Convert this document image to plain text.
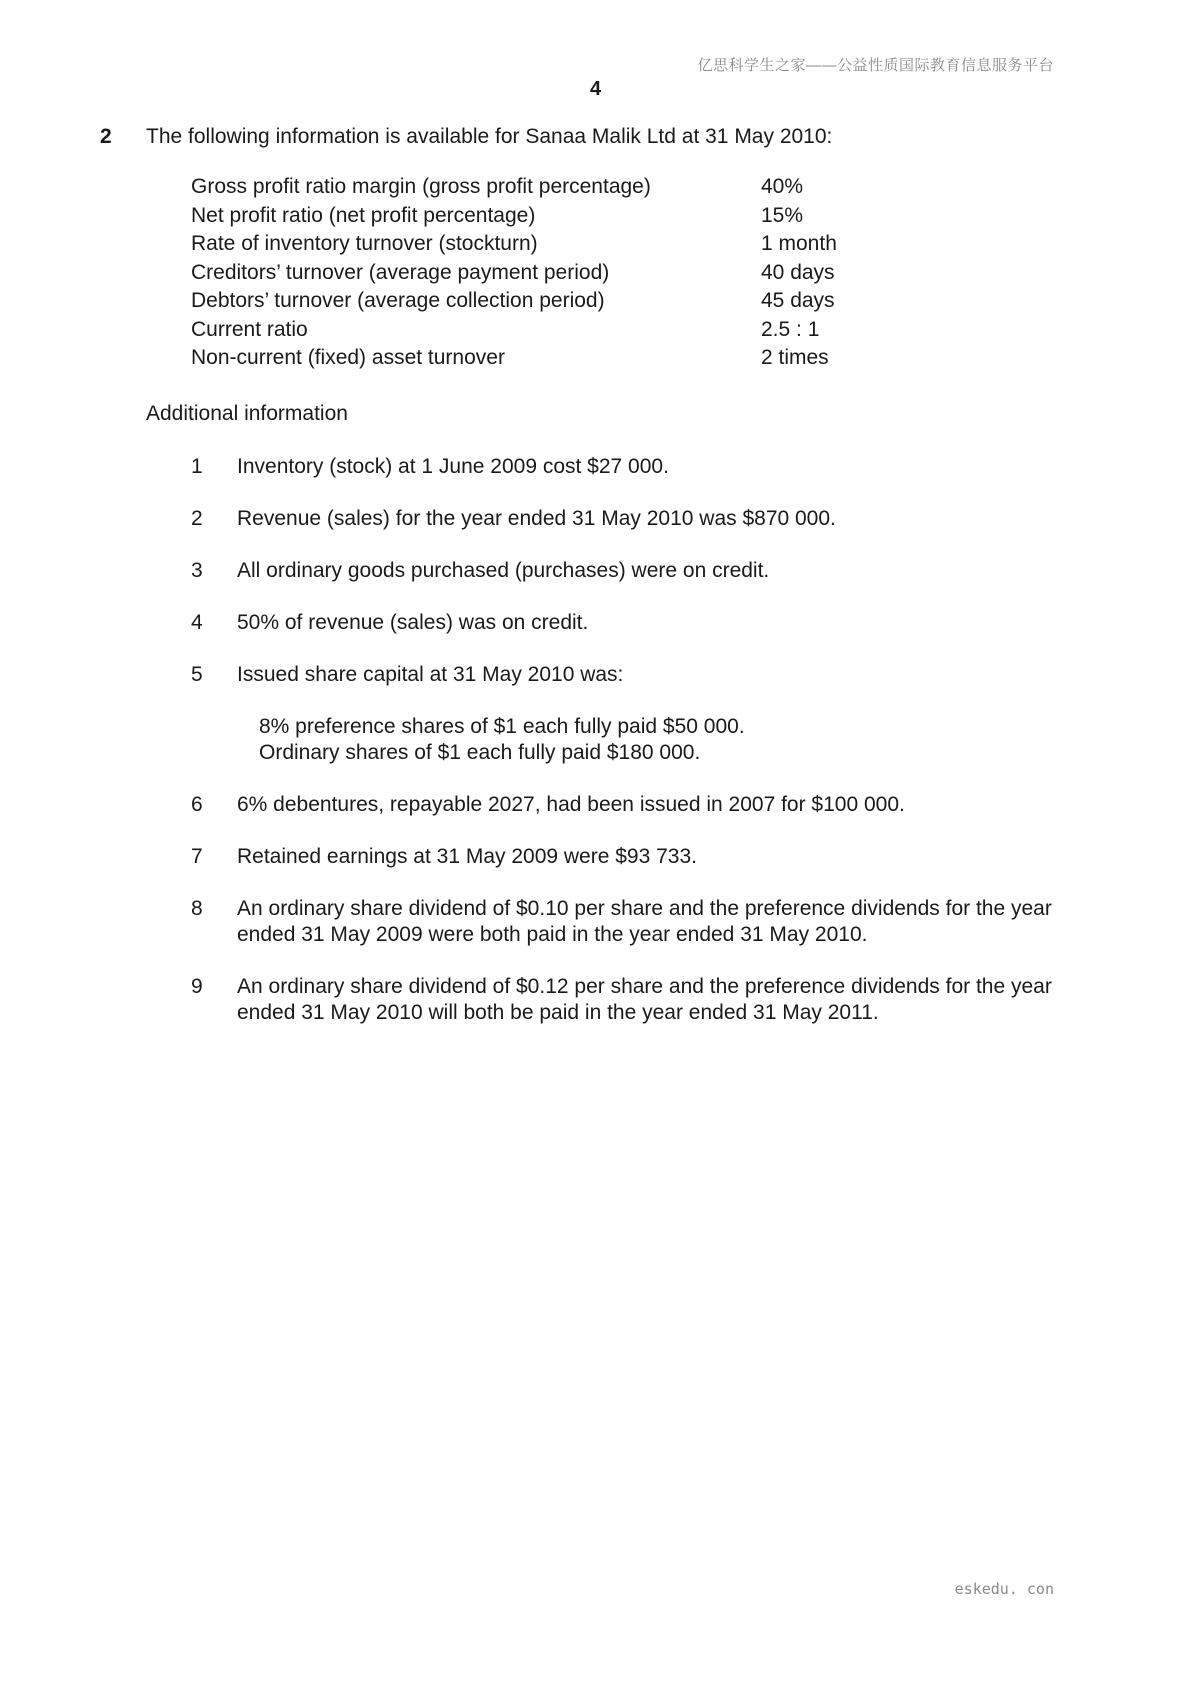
亿思科学生之家——公益性质国际教育信息服务平台
4
2 The following information is available for Sanaa Malik Ltd at 31 May 2010:
Gross profit ratio margin (gross profit percentage)	40%
Net profit ratio (net profit percentage)	15%
Rate of inventory turnover (stockturn)	1 month
Creditors’ turnover (average payment period)	40 days
Debtors’ turnover (average collection period)	45 days
Current ratio	2.5 : 1
Non-current (fixed) asset turnover	2 times
Additional information
1	Inventory (stock) at 1 June 2009 cost $27 000.
2	Revenue (sales) for the year ended 31 May 2010 was $870 000.
3	All ordinary goods purchased (purchases) were on credit.
4	50% of revenue (sales) was on credit.
5	Issued share capital at 31 May 2010 was:
8% preference shares of $1 each fully paid $50 000.
Ordinary shares of $1 each fully paid $180 000.
6	6% debentures, repayable 2027, had been issued in 2007 for $100 000.
7	Retained earnings at 31 May 2009 were $93 733.
8	An ordinary share dividend of $0.10 per share and the preference dividends for the year ended 31 May 2009 were both paid in the year ended 31 May 2010.
9	An ordinary share dividend of $0.12 per share and the preference dividends for the year ended 31 May 2010 will both be paid in the year ended 31 May 2011.
eskedu. con
